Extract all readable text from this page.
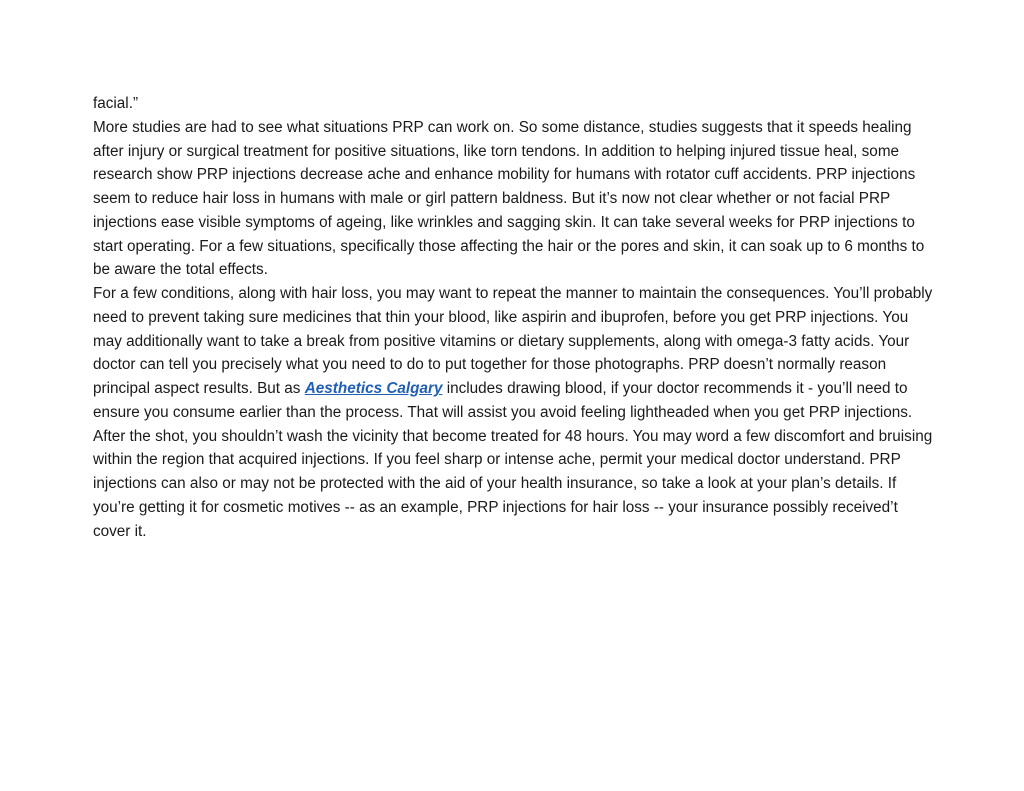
facial.”

More studies are had to see what situations PRP can work on. So some distance, studies suggests that it speeds healing after injury or surgical treatment for positive situations, like torn tendons. In addition to helping injured tissue heal, some research show PRP injections decrease ache and enhance mobility for humans with rotator cuff accidents. PRP injections seem to reduce hair loss in humans with male or girl pattern baldness. But it’s now not clear whether or not facial PRP injections ease visible symptoms of ageing, like wrinkles and sagging skin. It can take several weeks for PRP injections to start operating. For a few situations, specifically those affecting the hair or the pores and skin, it can soak up to 6 months to be aware the total effects.

For a few conditions, along with hair loss, you may want to repeat the manner to maintain the consequences. You’ll probably need to prevent taking sure medicines that thin your blood, like aspirin and ibuprofen, before you get PRP injections. You may additionally want to take a break from positive vitamins or dietary supplements, along with omega-3 fatty acids. Your doctor can tell you precisely what you need to do to put together for those photographs. PRP doesn’t normally reason principal aspect results. But as Aesthetics Calgary includes drawing blood, if your doctor recommends it - you’ll need to ensure you consume earlier than the process. That will assist you avoid feeling lightheaded when you get PRP injections. After the shot, you shouldn’t wash the vicinity that become treated for 48 hours. You may word a few discomfort and bruising within the region that acquired injections. If you feel sharp or intense ache, permit your medical doctor understand. PRP injections can also or may not be protected with the aid of your health insurance, so take a look at your plan’s details. If you’re getting it for cosmetic motives -- as an example, PRP injections for hair loss -- your insurance possibly received’t cover it.
